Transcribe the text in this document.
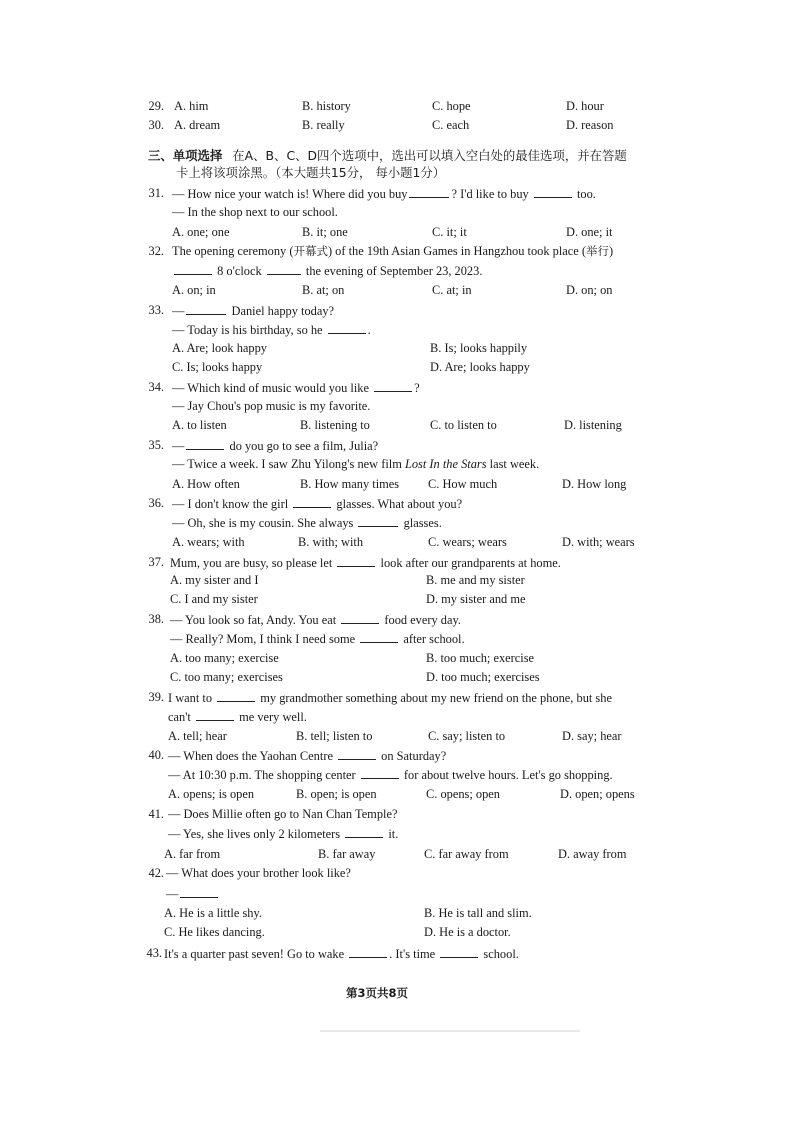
29. A. him	B. history	C. hope	D. hour
30. A. dream	B. really	C. each	D. reason
三、单项选择 在A、B、C、D四个选项中，选出可以填入空白处的最佳选项，并在答题
卡上将该项涂黑。（本大题共15分， 每小题1分）
31. — How nice your watch is! Where did you buy	? I'd like to buy	too.
— In the shop next to our school.
A. one; one	B. it; one	C. it; it	D. one; it
32. The opening ceremony (开幕式) of the 19th Asian Games in Hangzhou took place (举行)
8 o'clock	the evening of September 23, 2023.
A. on; in	B. at; on	C. at; in	D. on; on
33. —	Daniel happy today?
— Today is his birthday, so he	.
A. Are; look happy	B. Is; looks happily
C. Is; looks happy	D. Are; looks happy
34. — Which kind of music would you like	?
— Jay Chou's pop music is my favorite.
A. to listen	B. listening to	C. to listen to	D. listening
35. —	do you go to see a film, Julia?
— Twice a week. I saw Zhu Yilong's new film Lost In the Stars last week.
A. How often	B. How many times C. How much	D. How long
36. — I don't know the girl	glasses. What about you?
— Oh, she is my cousin. She always	glasses.
A. wears; with	B. with; with	C. wears; wears	D. with; wears
37. Mum, you are busy, so please let	look after our grandparents at home.
A. my sister and I	B. me and my sister
C. I and my sister	D. my sister and me
38. — You look so fat, Andy. You eat	food every day.
— Really? Mom, I think I need some	after school.
A. too many; exercise	B. too much; exercise
C. too many; exercises	D. too much; exercises
39. I want to	my grandmother something about my new friend on the phone, but she
can't	me very well.
A. tell; hear	B. tell; listen to	C. say; listen to	D. say; hear
40. — When does the Yaohan Centre	on Saturday?
— At 10:30 p.m. The shopping center	for about twelve hours. Let's go shopping.
A. opens; is open	B. open; is open	C. opens; open	D. open; opens
41. — Does Millie often go to Nan Chan Temple?
— Yes, she lives only 2 kilometers	it.
A. far from	B. far away	C. far away from	D. away from
42. — What does your brother look like?
—
A. He is a little shy.	B. He is tall and slim.
C. He likes dancing.	D. He is a doctor.
43. It's a quarter past seven! Go to wake	. It's time	school.
第3页共8页
